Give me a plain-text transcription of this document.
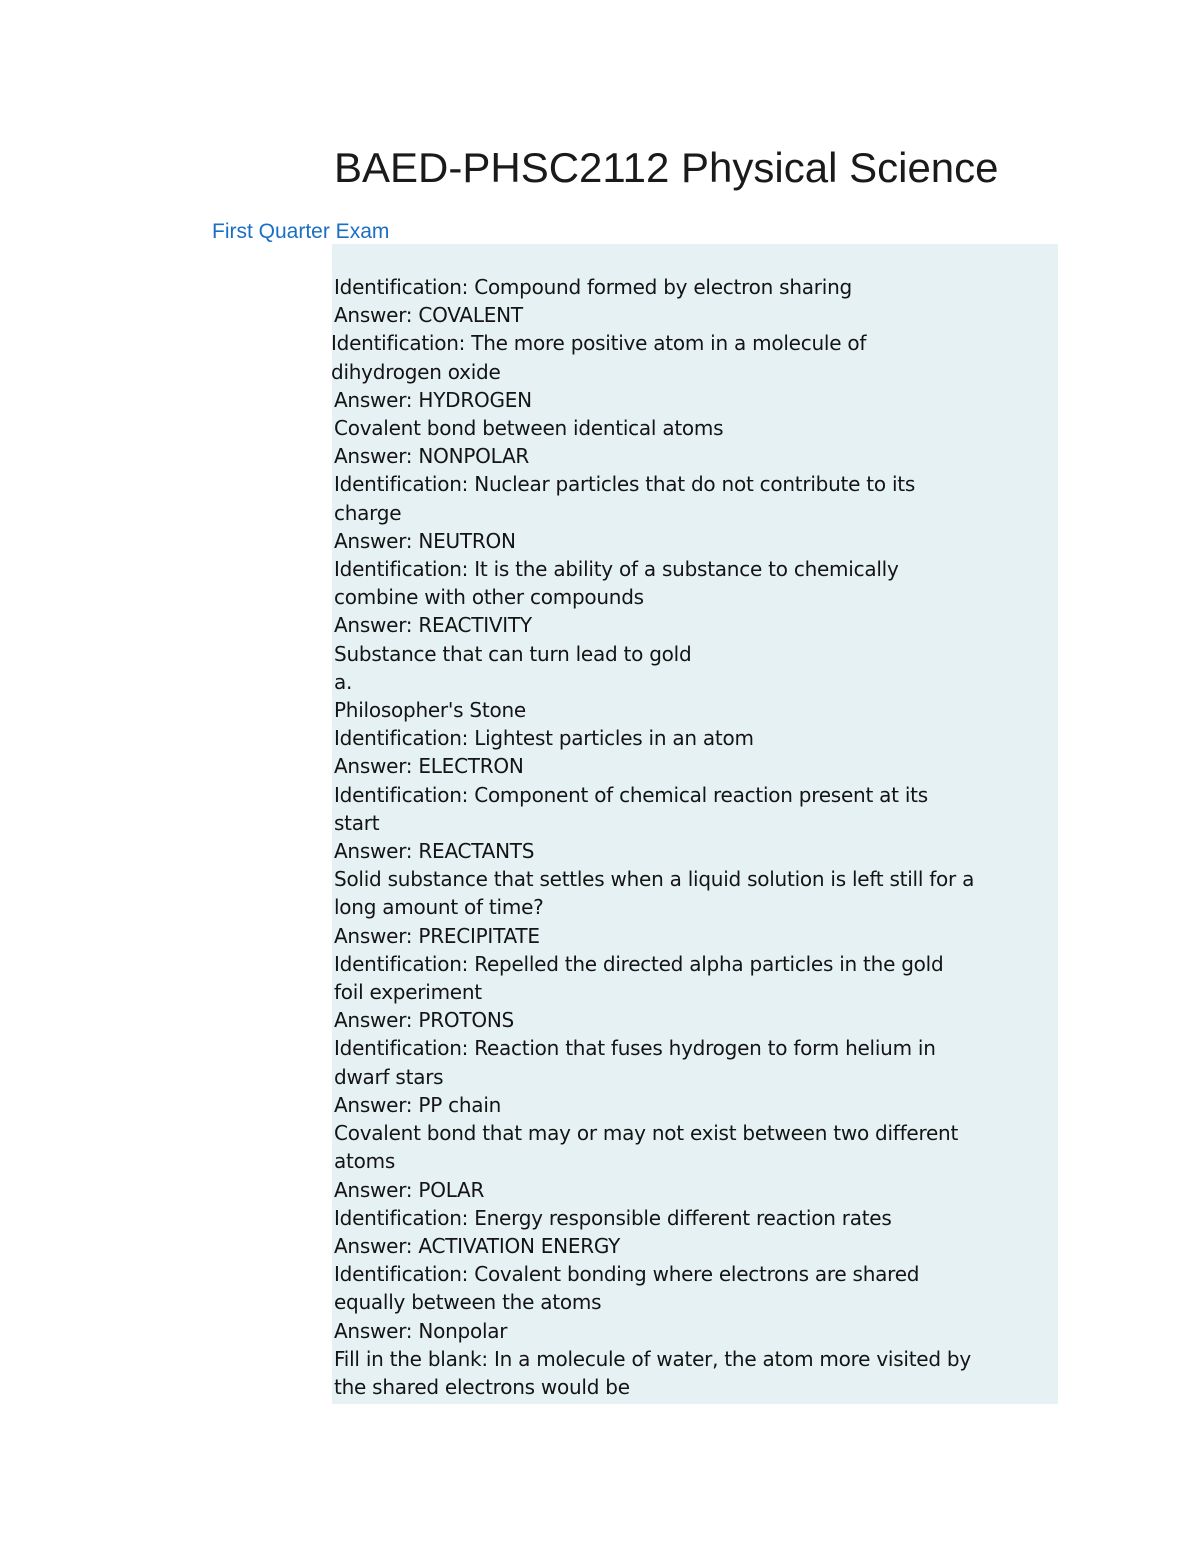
BAED-PHSC2112 Physical Science
First Quarter Exam
Identification: Compound formed by electron sharing
Answer: COVALENT
Identification: The more positive atom in a molecule of
dihydrogen oxide
Answer: HYDROGEN
Covalent bond between identical atoms
Answer: NONPOLAR
Identification: Nuclear particles that do not contribute to its
charge
Answer: NEUTRON
Identification: It is the ability of a substance to chemically
combine with other compounds
Answer: REACTIVITY
Substance that can turn lead to gold
a.
Philosopher's Stone
Identification: Lightest particles in an atom
Answer: ELECTRON
Identification: Component of chemical reaction present at its
start
Answer: REACTANTS
Solid substance that settles when a liquid solution is left still for a
long amount of time?
Answer: PRECIPITATE
Identification: Repelled the directed alpha particles in the gold
foil experiment
Answer: PROTONS
Identification: Reaction that fuses hydrogen to form helium in
dwarf stars
Answer: PP chain
Covalent bond that may or may not exist between two different
atoms
Answer: POLAR
Identification: Energy responsible different reaction rates
Answer: ACTIVATION ENERGY
Identification: Covalent bonding where electrons are shared
equally between the atoms
Answer: Nonpolar
Fill in the blank: In a molecule of water, the atom more visited by
the shared electrons would be
